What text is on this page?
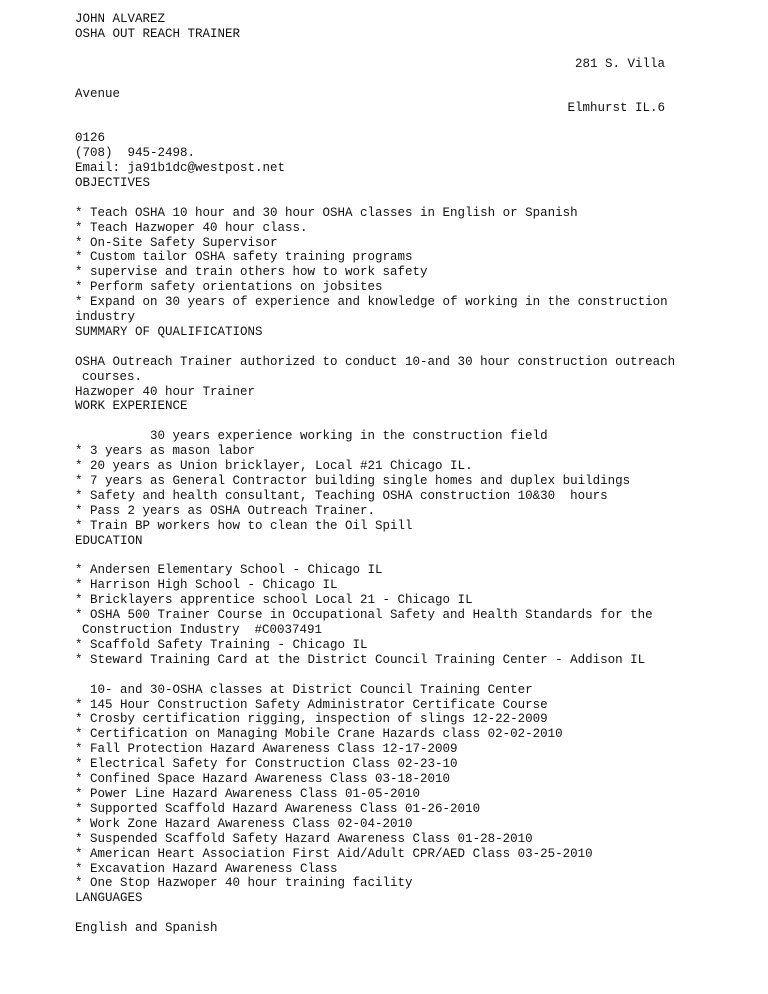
JOHN ALVAREZ
OSHA OUT REACH TRAINER
281 S. Villa
Avenue
Elmhurst IL.6
0126
(708)  945-2498.
Email: ja91b1dc@westpost.net
OBJECTIVES
* Teach OSHA 10 hour and 30 hour OSHA classes in English or Spanish
* Teach Hazwoper 40 hour class.
* On-Site Safety Supervisor
* Custom tailor OSHA safety training programs
* supervise and train others how to work safety
* Perform safety orientations on jobsites
* Expand on 30 years of experience and knowledge of working in the construction
industry
SUMMARY OF QUALIFICATIONS
OSHA Outreach Trainer authorized to conduct 10-and 30 hour construction outreach
courses.
Hazwoper 40 hour Trainer
WORK EXPERIENCE
30 years experience working in the construction field
* 3 years as mason labor
* 20 years as Union bricklayer, Local #21 Chicago IL.
* 7 years as General Contractor building single homes and duplex buildings
* Safety and health consultant, Teaching OSHA construction 10&30  hours
* Pass 2 years as OSHA Outreach Trainer.
* Train BP workers how to clean the Oil Spill
EDUCATION
* Andersen Elementary School - Chicago IL
* Harrison High School - Chicago IL
* Bricklayers apprentice school Local 21 - Chicago IL
* OSHA 500 Trainer Course in Occupational Safety and Health Standards for the
Construction Industry  #C0037491
* Scaffold Safety Training - Chicago IL
* Steward Training Card at the District Council Training Center - Addison IL
10- and 30-OSHA classes at District Council Training Center
* 145 Hour Construction Safety Administrator Certificate Course
* Crosby certification rigging, inspection of slings 12-22-2009
* Certification on Managing Mobile Crane Hazards class 02-02-2010
* Fall Protection Hazard Awareness Class 12-17-2009
* Electrical Safety for Construction Class 02-23-10
* Confined Space Hazard Awareness Class 03-18-2010
* Power Line Hazard Awareness Class 01-05-2010
* Supported Scaffold Hazard Awareness Class 01-26-2010
* Work Zone Hazard Awareness Class 02-04-2010
* Suspended Scaffold Safety Hazard Awareness Class 01-28-2010
* American Heart Association First Aid/Adult CPR/AED Class 03-25-2010
* Excavation Hazard Awareness Class
* One Stop Hazwoper 40 hour training facility
LANGUAGES
English and Spanish
